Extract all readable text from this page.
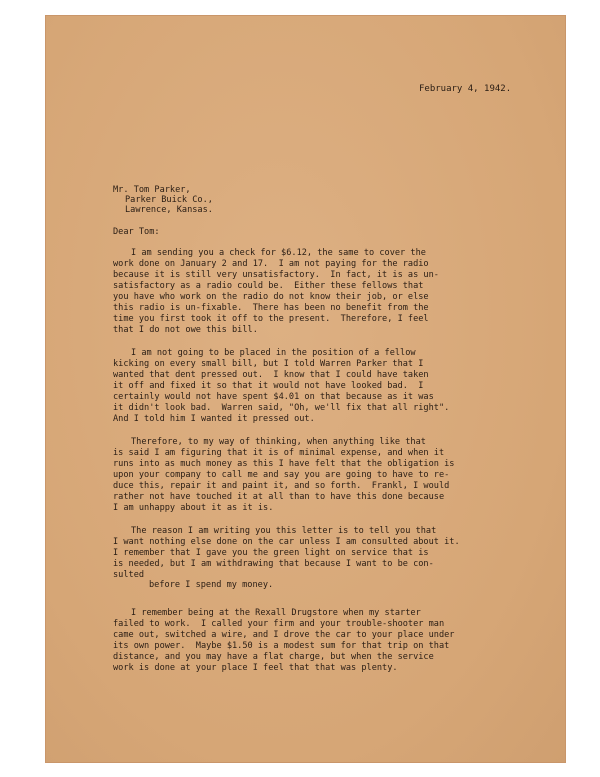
February 4, 1942.
Mr. Tom Parker,
Parker Buick Co.,
Lawrence, Kansas.
Dear Tom:
I am sending you a check for $6.12, the same to cover the
work done on January 2 and 17.  I am not paying for the radio
because it is still very unsatisfactory.  In fact, it is as un-
satisfactory as a radio could be.  Either these fellows that
you have who work on the radio do not know their job, or else
this radio is un-fixable.  There has been no benefit from the
time you first took it off to the present.  Therefore, I feel
that I do not owe this bill.
I am not going to be placed in the position of a fellow
kicking on every small bill, but I told Warren Parker that I
wanted that dent pressed out.  I know that I could have taken
it off and fixed it so that it would not have looked bad.  I
certainly would not have spent $4.01 on that because as it was
it didn't look bad.  Warren said, "Oh, we'll fix that all right".
And I told him I wanted it pressed out.
Therefore, to my way of thinking, when anything like that
is said I am figuring that it is of minimal expense, and when it
runs into as much money as this I have felt that the obligation is
upon your company to call me and say you are going to have to re-
duce this, repair it and paint it, and so forth.  Frankl, I would
rather not have touched it at all than to have this done because
I am unhappy about it as it is.
The reason I am writing you this letter is to tell you that
I want nothing else done on the car unless I am consulted about it.
I remember that I gave you the green light on service that is
is needed, but I am withdrawing that because I want to be con-
sulted
before I spend my money.
I remember being at the Rexall Drugstore when my starter
failed to work.  I called your firm and your trouble-shooter man
came out, switched a wire, and I drove the car to your place under
its own power.  Maybe $1.50 is a modest sum for that trip on that
distance, and you may have a flat charge, but when the service
work is done at your place I feel that that was plenty.
